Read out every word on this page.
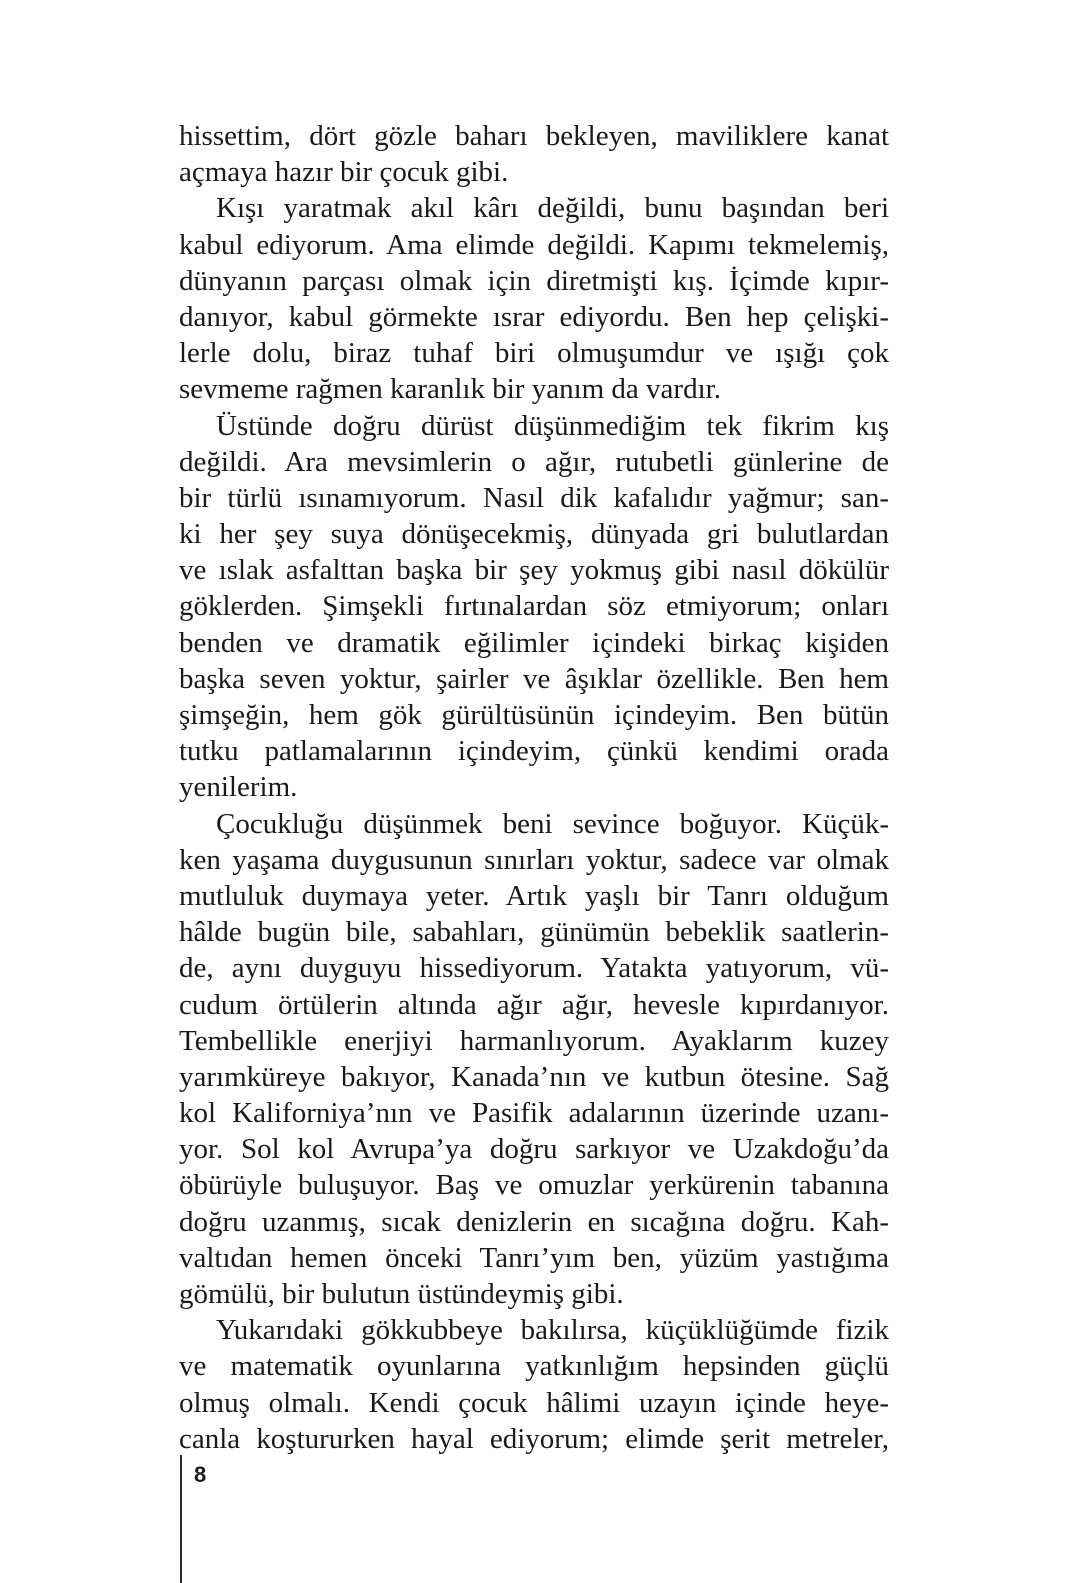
hissettim, dört gözle baharı bekleyen, maviliklere kanat
açmaya hazır bir çocuk gibi.
Kışı yaratmak akıl kârı değildi, bunu başından beri
kabul ediyorum. Ama elimde değildi. Kapımı tekmelemiş,
dünyanın parçası olmak için diretmişti kış. İçimde kıpır-
danıyor, kabul görmekte ısrar ediyordu. Ben hep çelişki-
lerle dolu, biraz tuhaf biri olmuşumdur ve ışığı çok
sevmeme rağmen karanlık bir yanım da vardır.
Üstünde doğru dürüst düşünmediğim tek fikrim kış
değildi. Ara mevsimlerin o ağır, rutubetli günlerine de
bir türlü ısınamıyorum. Nasıl dik kafalıdır yağmur; san-
ki her şey suya dönüşecekmiş, dünyada gri bulutlardan
ve ıslak asfalttan başka bir şey yokmuş gibi nasıl dökülür
göklerden. Şimşekli fırtınalardan söz etmiyorum; onları
benden ve dramatik eğilimler içindeki birkaç kişiden
başka seven yoktur, şairler ve âşıklar özellikle. Ben hem
şimşeğin, hem gök gürültüsünün içindeyim. Ben bütün
tutku patlamalarının içindeyim, çünkü kendimi orada
yenilerim.
Çocukluğu düşünmek beni sevince boğuyor. Küçük-
ken yaşama duygusunun sınırları yoktur, sadece var olmak
mutluluk duymaya yeter. Artık yaşlı bir Tanrı olduğum
hâlde bugün bile, sabahları, günümün bebeklik saatlerin-
de, aynı duyguyu hissediyorum. Yatakta yatıyorum, vü-
cudum örtülerin altında ağır ağır, hevesle kıpırdanıyor.
Tembellikle enerjiyi harmanlıyorum. Ayaklarım kuzey
yarımküreye bakıyor, Kanada’nın ve kutbun ötesine. Sağ
kol Kaliforniya’nın ve Pasifik adalarının üzerinde uzanı-
yor. Sol kol Avrupa’ya doğru sarkıyor ve Uzakdoğu’da
öbürüyle buluşuyor. Baş ve omuzlar yerkürenin tabanına
doğru uzanmış, sıcak denizlerin en sıcağına doğru. Kah-
valtıdan hemen önceki Tanrı’yım ben, yüzüm yastığıma
gömülü, bir bulutun üstündeymiş gibi.
Yukarıdaki gökkubbeye bakılırsa, küçüklüğümde fizik
ve matematik oyunlarına yatkınlığım hepsinden güçlü
olmuş olmalı. Kendi çocuk hâlimi uzayın içinde heye-
canla koştururken hayal ediyorum; elimde şerit metreler,
8
